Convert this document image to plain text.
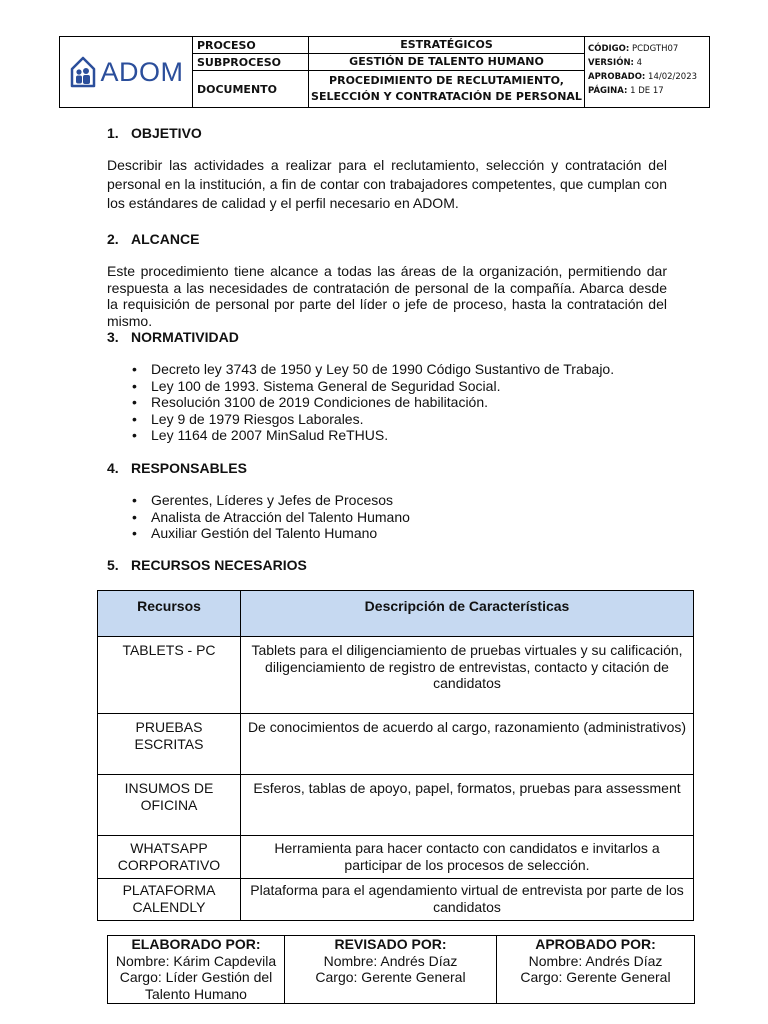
ADOM
PROCESO	ESTRATÉGICOS
SUBPROCESO	GESTIÓN DE TALENTO HUMANO
DOCUMENTO
PROCEDIMIENTO DE RECLUTAMIENTO,
SELECCIÓN Y CONTRATACIÓN DE PERSONAL
CÓDIGO: PCDGTH07
VERSIÓN: 4
APROBADO: 14/02/2023
PÁGINA: 1 DE 17
1. OBJETIVO

Describir las actividades a realizar para el reclutamiento, selección y contratación del personal en la institución, a fin de contar con trabajadores competentes, que cumplan con los estándares de calidad y el perfil necesario en ADOM.

2. ALCANCE

Este procedimiento tiene alcance a todas las áreas de la organización, permitiendo dar respuesta a las necesidades de contratación de personal de la compañía. Abarca desde la requisición de personal por parte del líder o jefe de proceso, hasta la contratación del mismo.

3. NORMATIVIDAD
• Decreto ley 3743 de 1950 y Ley 50 de 1990 Código Sustantivo de Trabajo.
• Ley 100 de 1993. Sistema General de Seguridad Social.
• Resolución 3100 de 2019 Condiciones de habilitación.
• Ley 9 de 1979 Riesgos Laborales.
• Ley 1164 de 2007 MinSalud ReTHUS.
4. RESPONSABLES
• Gerentes, Líderes y Jefes de Procesos
• Analista de Atracción del Talento Humano
• Auxiliar Gestión del Talento Humano
5. RECURSOS NECESARIOS
Recursos	Descripción de Características
TABLETS - PC	Tablets para el diligenciamiento de pruebas virtuales y su calificación, diligenciamiento de registro de entrevistas, contacto y citación de candidatos
PRUEBAS ESCRITAS	De conocimientos de acuerdo al cargo, razonamiento (administrativos)
INSUMOS DE OFICINA	Esferos, tablas de apoyo, papel, formatos, pruebas para assessment
WHATSAPP CORPORATIVO	Herramienta para hacer contacto con candidatos e invitarlos a participar de los procesos de selección.
PLATAFORMA CALENDLY	Plataforma para el agendamiento virtual de entrevista por parte de los candidatos
ELABORADO POR:
Nombre: Kárim Capdevila
Cargo: Líder Gestión del Talento Humano

REVISADO POR:
Nombre: Andrés Díaz
Cargo: Gerente General

APROBADO POR:
Nombre: Andrés Díaz
Cargo: Gerente General
